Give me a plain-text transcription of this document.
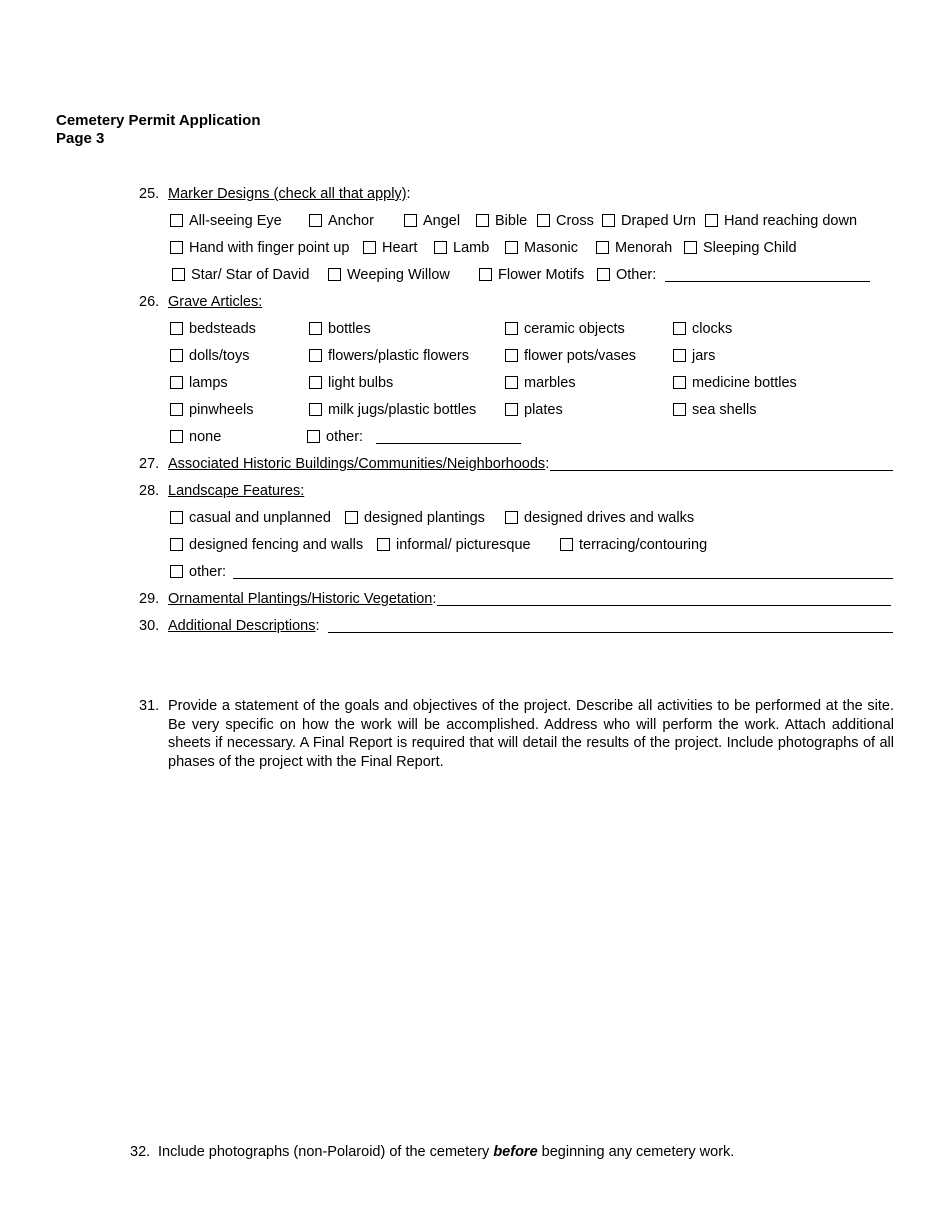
Cemetery Permit Application
Page 3
25. Marker Designs (check all that apply):
All-seeing Eye	Anchor	Angel	Bible	Cross	Draped Urn	Hand reaching down
Hand with finger point up	Heart	Lamb	Masonic	Menorah	Sleeping Child
Star/ Star of David	Weeping Willow	Flower Motifs	Other:
26. Grave Articles:
bedsteads	bottles	ceramic objects	clocks
dolls/toys	flowers/plastic flowers	flower pots/vases	jars
lamps	light bulbs	marbles	medicine bottles
pinwheels	milk jugs/plastic bottles	plates	sea shells
none	other:
27. Associated Historic Buildings/Communities/Neighborhoods:
28. Landscape Features:
casual and unplanned	designed plantings	designed drives and walks
designed fencing and walls	informal/ picturesque	terracing/contouring
other:
29. Ornamental Plantings/Historic Vegetation:
30. Additional Descriptions:
31. Provide a statement of the goals and objectives of the project. Describe all activities to be performed at the site. Be very specific on how the work will be accomplished. Address who will perform the work. Attach additional sheets if necessary. A Final Report is required that will detail the results of the project. Include photographs of all phases of the project with the Final Report.
32. Include photographs (non-Polaroid) of the cemetery before beginning any cemetery work.
